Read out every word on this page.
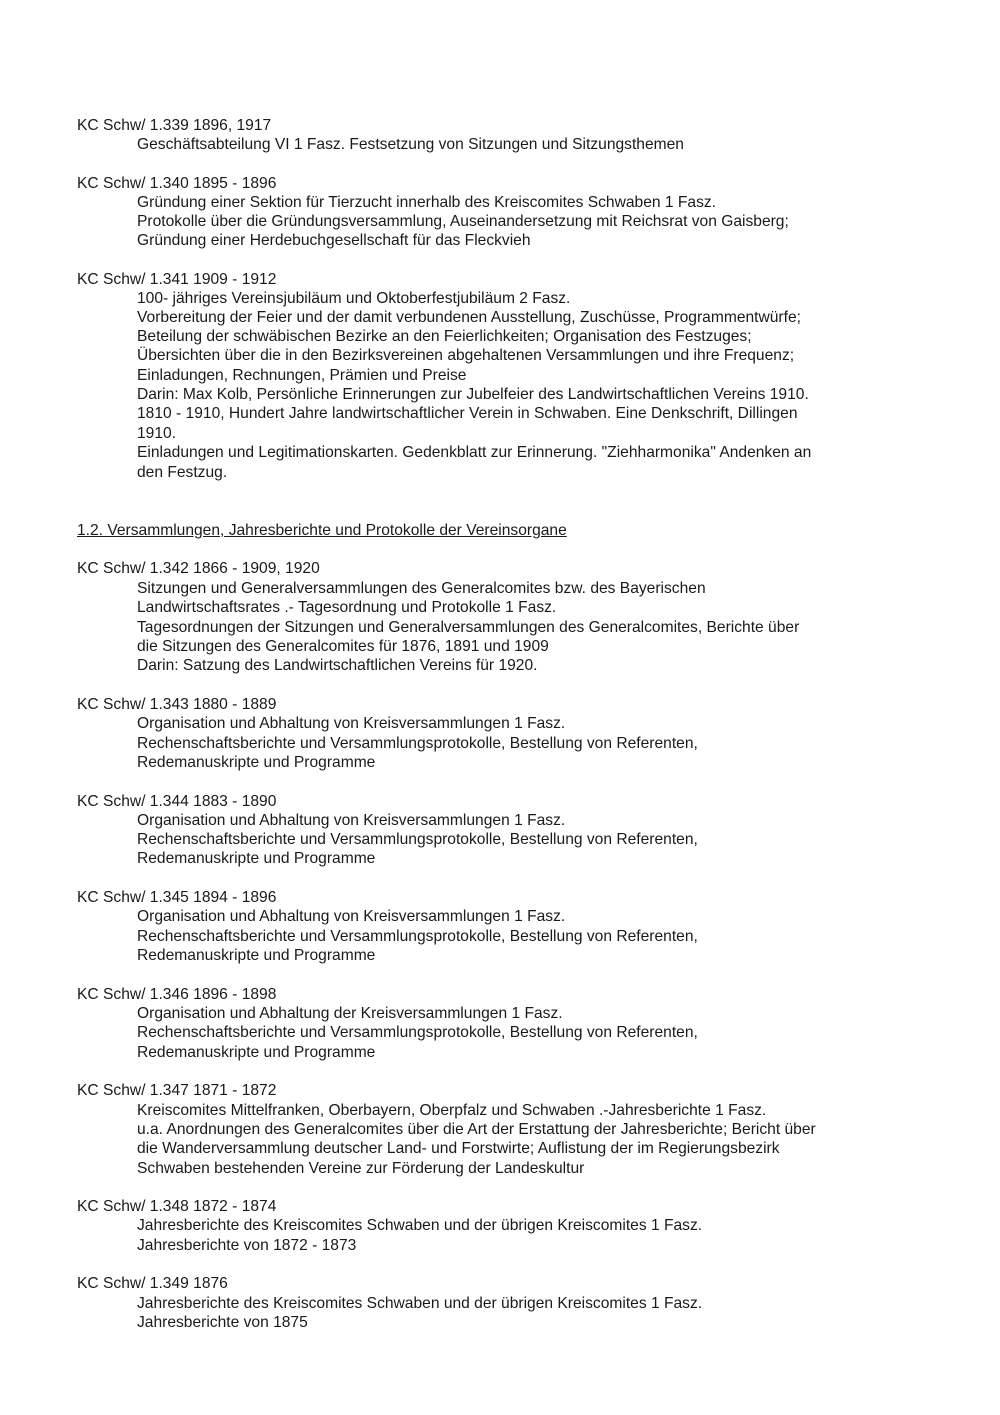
KC Schw/ 1.339 1896, 1917
Geschäftsabteilung VI 1 Fasz. Festsetzung von Sitzungen und Sitzungsthemen
KC Schw/ 1.340 1895 - 1896
Gründung einer Sektion für Tierzucht innerhalb des Kreiscomites Schwaben 1 Fasz.
Protokolle über die Gründungsversammlung, Auseinandersetzung mit Reichsrat von Gaisberg;
Gründung einer Herdebuchgesellschaft für das Fleckvieh
KC Schw/ 1.341 1909 - 1912
100- jähriges Vereinsjubiläum und Oktoberfestjubiläum 2 Fasz.
Vorbereitung der Feier und der damit verbundenen Ausstellung, Zuschüsse, Programmentwürfe;
Beteilung der schwäbischen Bezirke an den Feierlichkeiten; Organisation des Festzuges;
Übersichten über die in den Bezirksvereinen abgehaltenen Versammlungen und ihre Frequenz;
Einladungen, Rechnungen, Prämien und Preise
Darin: Max Kolb, Persönliche Erinnerungen zur Jubelfeier des Landwirtschaftlichen Vereins 1910.
1810 - 1910, Hundert Jahre landwirtschaftlicher Verein in Schwaben. Eine Denkschrift, Dillingen
1910.
Einladungen und Legitimationskarten. Gedenkblatt zur Erinnerung. "Ziehharmonika" Andenken an
den Festzug.
1.2. Versammlungen, Jahresberichte und Protokolle der Vereinsorgane
KC Schw/ 1.342 1866 - 1909, 1920
Sitzungen und Generalversammlungen des Generalcomites bzw. des Bayerischen
Landwirtschaftsrates .- Tagesordnung und Protokolle 1 Fasz.
Tagesordnungen der Sitzungen und Generalversammlungen des Generalcomites, Berichte über
die Sitzungen des Generalcomites für 1876, 1891 und 1909
Darin: Satzung des Landwirtschaftlichen Vereins für 1920.
KC Schw/ 1.343 1880 - 1889
Organisation und Abhaltung von Kreisversammlungen 1 Fasz.
Rechenschaftsberichte und Versammlungsprotokolle, Bestellung von Referenten,
Redemanuskripte und Programme
KC Schw/ 1.344 1883 - 1890
Organisation und Abhaltung von Kreisversammlungen 1 Fasz.
Rechenschaftsberichte und Versammlungsprotokolle, Bestellung von Referenten,
Redemanuskripte und Programme
KC Schw/ 1.345 1894 - 1896
Organisation und Abhaltung von Kreisversammlungen 1 Fasz.
Rechenschaftsberichte und Versammlungsprotokolle, Bestellung von Referenten,
Redemanuskripte und Programme
KC Schw/ 1.346 1896 - 1898
Organisation und Abhaltung der Kreisversammlungen 1 Fasz.
Rechenschaftsberichte und Versammlungsprotokolle, Bestellung von Referenten,
Redemanuskripte und Programme
KC Schw/ 1.347 1871 - 1872
Kreiscomites Mittelfranken, Oberbayern, Oberpfalz und Schwaben .-Jahresberichte 1 Fasz.
u.a. Anordnungen des Generalcomites über die Art der Erstattung der Jahresberichte; Bericht über
die Wanderversammlung deutscher Land- und Forstwirte; Auflistung der im Regierungsbezirk
Schwaben bestehenden Vereine zur Förderung der Landeskultur
KC Schw/ 1.348 1872 - 1874
Jahresberichte des Kreiscomites Schwaben und der übrigen Kreiscomites 1 Fasz.
Jahresberichte von 1872 - 1873
KC Schw/ 1.349 1876
Jahresberichte des Kreiscomites Schwaben und der übrigen Kreiscomites 1 Fasz.
Jahresberichte von 1875
